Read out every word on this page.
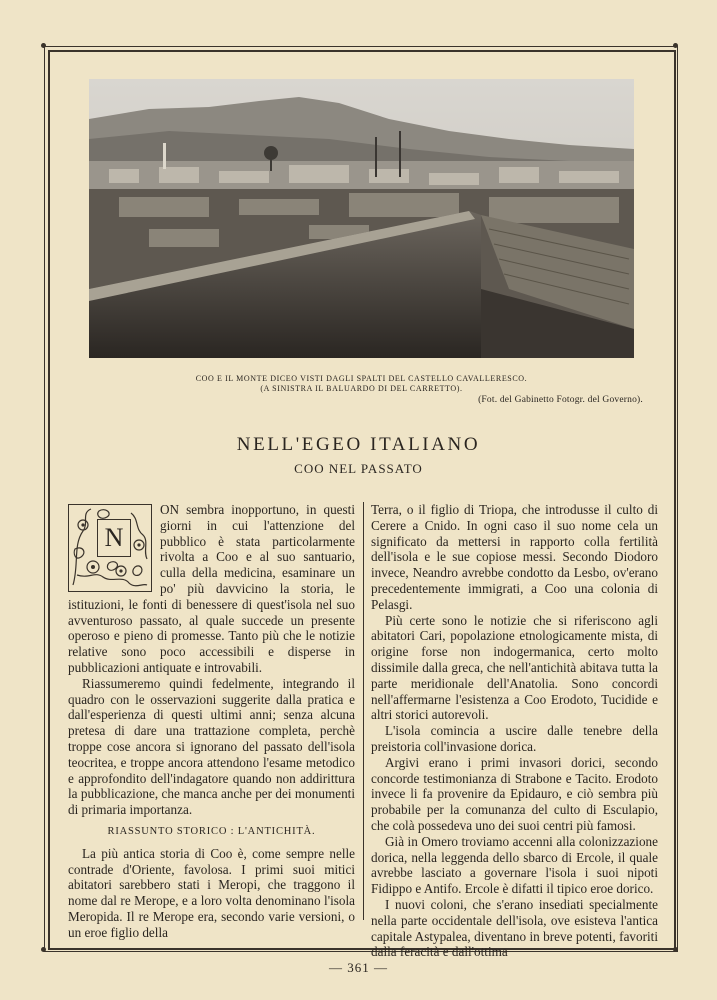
COO E IL MONTE DICEO VISTI DAGLI SPALTI DEL CASTELLO CAVALLERESCO.
(A SINISTRA IL BALUARDO DI DEL CARRETTO).
(Fot. del Gabinetto Fotogr. del Governo).
NELL'EGEO ITALIANO
COO NEL PASSATO
N

ON sembra inopportuno, in questi giorni in cui l'attenzione del pubblico è stata particolarmente rivolta a Coo e al suo santuario, culla della medicina, esaminare un po' più davvicino la storia, le istituzioni, le fonti di benessere di quest'isola nel suo avventuroso passato, al quale succede un presente operoso e pieno di promesse. Tanto più che le notizie relative sono poco accessibili e disperse in pubblicazioni antiquate e introvabili.

Riassumeremo quindi fedelmente, integrando il quadro con le osservazioni suggerite dalla pratica e dall'esperienza di questi ultimi anni; senza alcuna pretesa di dare una trattazione completa, perchè troppe cose ancora si ignorano del passato dell'isola teocritea, e troppe ancora attendono l'esame metodico e approfondito dell'indagatore quando non addirittura la pubblicazione, che manca anche per dei monumenti di primaria importanza.

RIASSUNTO STORICO : L'ANTICHITÀ.

La più antica storia di Coo è, come sempre nelle contrade d'Oriente, favolosa. I primi suoi mitici abitatori sarebbero stati i Meropi, che traggono il nome dal re Merope, e a loro volta denominano l'isola Meropida. Il re Merope era, secondo varie versioni, o un eroe figlio della

Terra, o il figlio di Triopa, che introdusse il culto di Cerere a Cnido. In ogni caso il suo nome cela un significato da mettersi in rapporto colla fertilità dell'isola e le sue copiose messi. Secondo Diodoro invece, Neandro avrebbe condotto da Lesbo, ov'erano precedentemente immigrati, a Coo una colonia di Pelasgi.

Più certe sono le notizie che si riferiscono agli abitatori Cari, popolazione etnologicamente mista, di origine forse non indogermanica, certo molto dissimile dalla greca, che nell'antichità abitava tutta la parte meridionale dell'Anatolia. Sono concordi nell'affermarne l'esistenza a Coo Erodoto, Tucidide e altri storici autorevoli.

L'isola comincia a uscire dalle tenebre della preistoria coll'invasione dorica.

Argivi erano i primi invasori dorici, secondo concorde testimonianza di Strabone e Tacito. Erodoto invece li fa provenire da Epidauro, e ciò sembra più probabile per la comunanza del culto di Esculapio, che colà possedeva uno dei suoi centri più famosi.

Già in Omero troviamo accenni alla colonizzazione dorica, nella leggenda dello sbarco di Ercole, il quale avrebbe lasciato a governare l'isola i suoi nipoti Fidippo e Antifo. Ercole è difatti il tipico eroe dorico.

I nuovi coloni, che s'erano insediati specialmente nella parte occidentale dell'isola, ove esisteva l'antica capitale Astypalea, diventano in breve potenti, favoriti dalla feracità e dall'ottima

— 361 —
